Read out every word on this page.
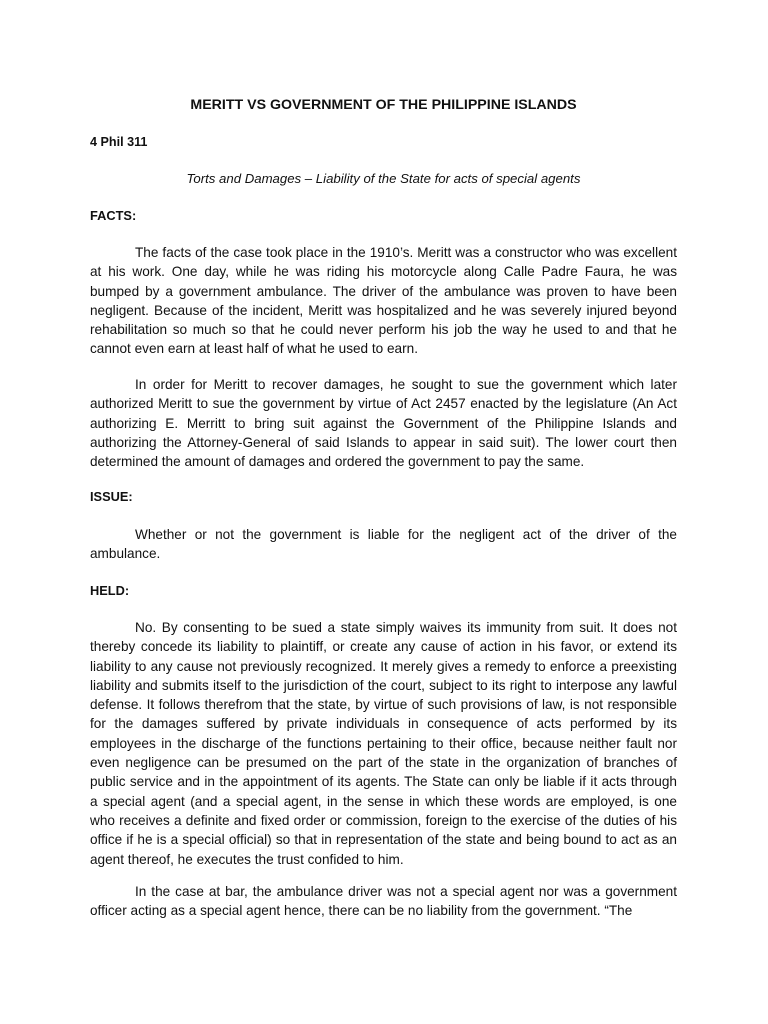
MERITT VS GOVERNMENT OF THE PHILIPPINE ISLANDS
4 Phil 311
Torts and Damages – Liability of the State for acts of special agents
FACTS:

The facts of the case took place in the 1910’s. Meritt was a constructor who was excellent at his work. One day, while he was riding his motorcycle along Calle Padre Faura, he was bumped by a government ambulance. The driver of the ambulance was proven to have been negligent. Because of the incident, Meritt was hospitalized and he was severely injured beyond rehabilitation so much so that he could never perform his job the way he used to and that he cannot even earn at least half of what he used to earn.

In order for Meritt to recover damages, he sought to sue the government which later authorized Meritt to sue the government by virtue of Act 2457 enacted by the legislature (An Act authorizing E. Merritt to bring suit against the Government of the Philippine Islands and authorizing the Attorney-General of said Islands to appear in said suit). The lower court then determined the amount of damages and ordered the government to pay the same.

ISSUE:

Whether or not the government is liable for the negligent act of the driver of the ambulance.

HELD:

No. By consenting to be sued a state simply waives its immunity from suit. It does not thereby concede its liability to plaintiff, or create any cause of action in his favor, or extend its liability to any cause not previously recognized. It merely gives a remedy to enforce a preexisting liability and submits itself to the jurisdiction of the court, subject to its right to interpose any lawful defense. It follows therefrom that the state, by virtue of such provisions of law, is not responsible for the damages suffered by private individuals in consequence of acts performed by its employees in the discharge of the functions pertaining to their office, because neither fault nor even negligence can be presumed on the part of the state in the organization of branches of public service and in the appointment of its agents. The State can only be liable if it acts through a special agent (and a special agent, in the sense in which these words are employed, is one who receives a definite and fixed order or commission, foreign to the exercise of the duties of his office if he is a special official) so that in representation of the state and being bound to act as an agent thereof, he executes the trust confided to him.

In the case at bar, the ambulance driver was not a special agent nor was a government officer acting as a special agent hence, there can be no liability from the government. “The
